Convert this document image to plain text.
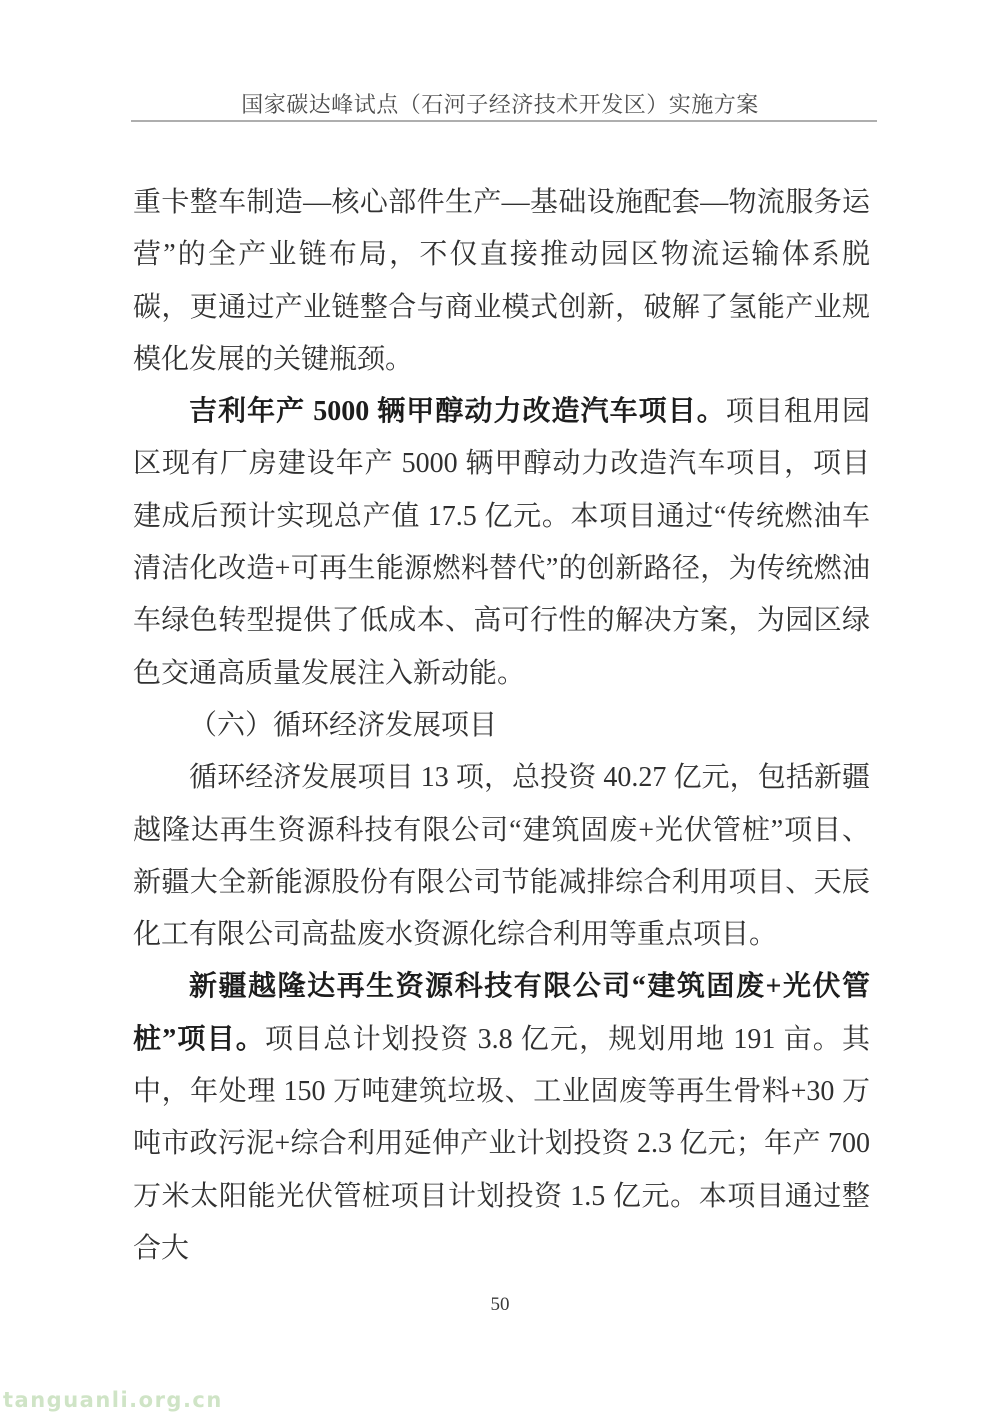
国家碳达峰试点（石河子经济技术开发区）实施方案

重卡整车制造—核心部件生产—基础设施配套—物流服务运营”的全产业链布局，不仅直接推动园区物流运输体系脱碳，更通过产业链整合与商业模式创新，破解了氢能产业规模化发展的关键瓶颈。

吉利年产 5000 辆甲醇动力改造汽车项目。项目租用园区现有厂房建设年产 5000 辆甲醇动力改造汽车项目，项目建成后预计实现总产值 17.5 亿元。本项目通过“传统燃油车清洁化改造+可再生能源燃料替代”的创新路径，为传统燃油车绿色转型提供了低成本、高可行性的解决方案，为园区绿色交通高质量发展注入新动能。

（六）循环经济发展项目

循环经济发展项目 13 项，总投资 40.27 亿元，包括新疆越隆达再生资源科技有限公司“建筑固废+光伏管桩”项目、新疆大全新能源股份有限公司节能减排综合利用项目、天辰化工有限公司高盐废水资源化综合利用等重点项目。

新疆越隆达再生资源科技有限公司“建筑固废+光伏管桩”项目。项目总计划投资 3.8 亿元，规划用地 191 亩。其中，年处理 150 万吨建筑垃圾、工业固废等再生骨料+30 万吨市政污泥+综合利用延伸产业计划投资 2.3 亿元；年产 700 万米太阳能光伏管桩项目计划投资 1.5 亿元。本项目通过整合大

50
tanguanli.org.cn
